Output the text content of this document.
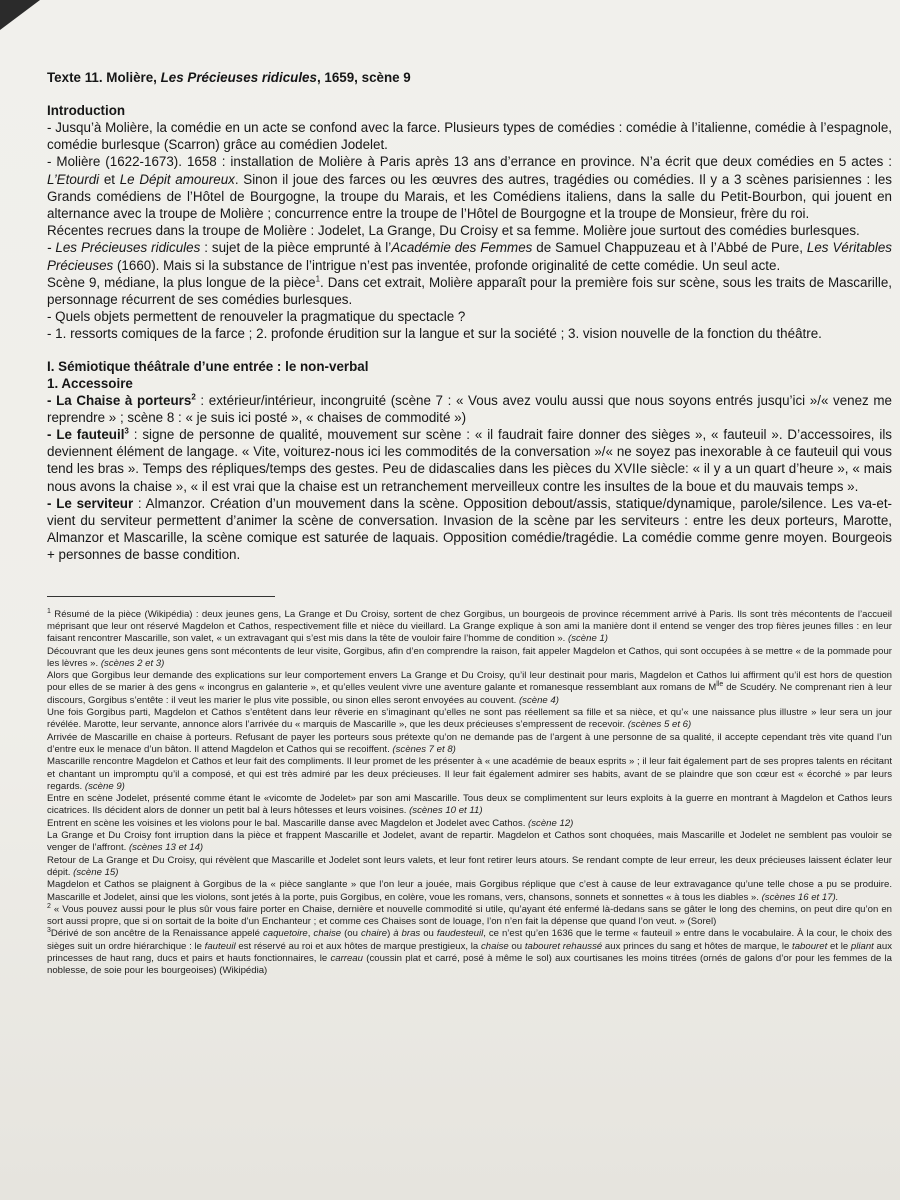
Texte 11. Molière, Les Précieuses ridicules, 1659, scène 9

Introduction

- Jusqu’à Molière, la comédie en un acte se confond avec la farce. Plusieurs types de comédies : comédie à l’italienne, comédie à l’espagnole, comédie burlesque (Scarron) grâce au comédien Jodelet.

- Molière (1622-1673). 1658 : installation de Molière à Paris après 13 ans d’errance en province. N’a écrit que deux comédies en 5 actes : L’Etourdi et Le Dépit amoureux. Sinon il joue des farces ou les œuvres des autres, tragédies ou comédies. Il y a 3 scènes parisiennes : les Grands comédiens de l’Hôtel de Bourgogne, la troupe du Marais, et les Comédiens italiens, dans la salle du Petit-Bourbon, qui jouent en alternance avec la troupe de Molière ; concurrence entre la troupe de l’Hôtel de Bourgogne et la troupe de Monsieur, frère du roi.

Récentes recrues dans la troupe de Molière : Jodelet, La Grange, Du Croisy et sa femme. Molière joue surtout des comédies burlesques.

- Les Précieuses ridicules : sujet de la pièce emprunté à l’Académie des Femmes de Samuel Chappuzeau et à l’Abbé de Pure, Les Véritables Précieuses (1660). Mais si la substance de l’intrigue n’est pas inventée, profonde originalité de cette comédie. Un seul acte.

Scène 9, médiane, la plus longue de la pièce$^1$. Dans cet extrait, Molière apparaît pour la première fois sur scène, sous les traits de Mascarille, personnage récurrent de ses comédies burlesques.

- Quels objets permettent de renouveler la pragmatique du spectacle ?

- 1. ressorts comiques de la farce ; 2. profonde érudition sur la langue et sur la société ; 3. vision nouvelle de la fonction du théâtre.

I. Sémiotique théâtrale d’une entrée : le non-verbal

1. Accessoire

- La Chaise à porteurs$^2$ : extérieur/intérieur, incongruité (scène 7 : « Vous avez voulu aussi que nous soyons entrés jusqu’ici »/« venez me reprendre » ; scène 8 : « je suis ici posté », « chaises de commodité »)

- Le fauteuil$^3$ : signe de personne de qualité, mouvement sur scène : « il faudrait faire donner des sièges », « fauteuil ». D’accessoires, ils deviennent élément de langage. « Vite, voiturez-nous ici les commodités de la conversation »/« ne soyez pas inexorable à ce fauteuil qui vous tend les bras ». Temps des répliques/temps des gestes. Peu de didascalies dans les pièces du XVIIe siècle: « il y a un quart d’heure », « mais nous avons la chaise », « il est vrai que la chaise est un retranchement merveilleux contre les insultes de la boue et du mauvais temps ».

- Le serviteur : Almanzor. Création d’un mouvement dans la scène. Opposition debout/assis, statique/dynamique, parole/silence. Les va-et-vient du serviteur permettent d’animer la scène de conversation. Invasion de la scène par les serviteurs : entre les deux porteurs, Marotte, Almanzor et Mascarille, la scène comique est saturée de laquais. Opposition comédie/tragédie. La comédie comme genre moyen. Bourgeois + personnes de basse condition.

$^1$ Résumé de la pièce (Wikipédia) : deux jeunes gens, La Grange et Du Croisy, sortent de chez Gorgibus, un bourgeois de province récemment arrivé à Paris. Ils sont très mécontents de l’accueil méprisant que leur ont réservé Magdelon et Cathos, respectivement fille et nièce du vieillard. La Grange explique à son ami la manière dont il entend se venger des trop fières jeunes filles : en leur faisant rencontrer Mascarille, son valet, « un extravagant qui s’est mis dans la tête de vouloir faire l’homme de condition ». (scène 1)

Découvrant que les deux jeunes gens sont mécontents de leur visite, Gorgibus, afin d’en comprendre la raison, fait appeler Magdelon et Cathos, qui sont occupées à se mettre « de la pommade pour les lèvres ». (scènes 2 et 3)

Alors que Gorgibus leur demande des explications sur leur comportement envers La Grange et Du Croisy, qu’il leur destinait pour maris, Magdelon et Cathos lui affirment qu’il est hors de question pour elles de se marier à des gens « incongrus en galanterie », et qu’elles veulent vivre une aventure galante et romanesque ressemblant aux romans de $M^{lle}$ de Scudéry. Ne comprenant rien à leur discours, Gorgibus s’entête : il veut les marier le plus vite possible, ou sinon elles seront envoyées au couvent. (scène 4)

Une fois Gorgibus parti, Magdelon et Cathos s’entêtent dans leur rêverie en s’imaginant qu’elles ne sont pas réellement sa fille et sa nièce, et qu’« une naissance plus illustre » leur sera un jour révélée. Marotte, leur servante, annonce alors l’arrivée du « marquis de Mascarille », que les deux précieuses s’empressent de recevoir. (scènes 5 et 6)

Arrivée de Mascarille en chaise à porteurs. Refusant de payer les porteurs sous prétexte qu’on ne demande pas de l’argent à une personne de sa qualité, il accepte cependant très vite quand l’un d’entre eux le menace d’un bâton. Il attend Magdelon et Cathos qui se recoiffent. (scènes 7 et 8)

Mascarille rencontre Magdelon et Cathos et leur fait des compliments. Il leur promet de les présenter à « une académie de beaux esprits » ; il leur fait également part de ses propres talents en récitant et chantant un impromptu qu’il a composé, et qui est très admiré par les deux précieuses. Il leur fait également admirer ses habits, avant de se plaindre que son cœur est « écorché » par leurs regards. (scène 9)

Entre en scène Jodelet, présenté comme étant le «vicomte de Jodelet» par son ami Mascarille. Tous deux se complimentent sur leurs exploits à la guerre en montrant à Magdelon et Cathos leurs cicatrices. Ils décident alors de donner un petit bal à leurs hôtesses et leurs voisines. (scènes 10 et 11)

Entrent en scène les voisines et les violons pour le bal. Mascarille danse avec Magdelon et Jodelet avec Cathos. (scène 12)

La Grange et Du Croisy font irruption dans la pièce et frappent Mascarille et Jodelet, avant de repartir. Magdelon et Cathos sont choquées, mais Mascarille et Jodelet ne semblent pas vouloir se venger de l’affront. (scènes 13 et 14)

Retour de La Grange et Du Croisy, qui révèlent que Mascarille et Jodelet sont leurs valets, et leur font retirer leurs atours. Se rendant compte de leur erreur, les deux précieuses laissent éclater leur dépit. (scène 15)

Magdelon et Cathos se plaignent à Gorgibus de la « pièce sanglante » que l’on leur a jouée, mais Gorgibus réplique que c’est à cause de leur extravagance qu’une telle chose a pu se produire. Mascarille et Jodelet, ainsi que les violons, sont jetés à la porte, puis Gorgibus, en colère, voue les romans, vers, chansons, sonnets et sonnettes « à tous les diables ». (scènes 16 et 17).

$^2$ « Vous pouvez aussi pour le plus sûr vous faire porter en Chaise, dernière et nouvelle commodité si utile, qu’ayant été enfermé là-dedans sans se gâter le long des chemins, on peut dire qu’on en sort aussi propre, que si on sortait de la boite d’un Enchanteur ; et comme ces Chaises sont de louage, l’on n’en fait la dépense que quand l’on veut. » (Sorel)

$^3$Dérivé de son ancêtre de la Renaissance appelé caquetoire, chaise (ou chaire) à bras ou faudesteuil, ce n’est qu’en 1636 que le terme « fauteuil » entre dans le vocabulaire. À la cour, le choix des sièges suit un ordre hiérarchique : le fauteuil est réservé au roi et aux hôtes de marque prestigieux, la chaise ou tabouret rehaussé aux princes du sang et hôtes de marque, le tabouret et le pliant aux princesses de haut rang, ducs et pairs et hauts fonctionnaires, le carreau (coussin plat et carré, posé à même le sol) aux courtisanes les moins titrées (ornés de galons d’or pour les femmes de la noblesse, de soie pour les bourgeoises) (Wikipédia)
